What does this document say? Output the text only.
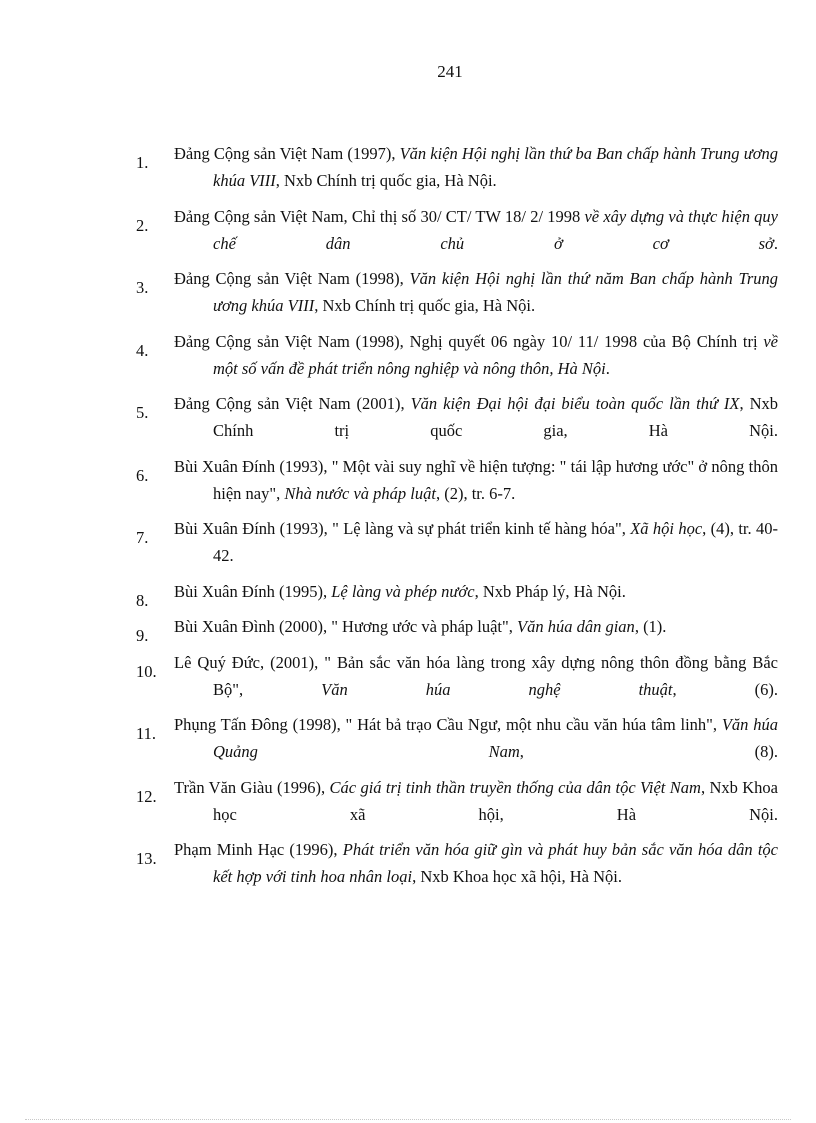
241
1. Đảng Cộng sản Việt Nam (1997), Văn kiện Hội nghị lần thứ ba Ban chấp hành Trung ương khúa VIII, Nxb Chính trị quốc gia, Hà Nội.
2. Đảng Cộng sản Việt Nam, Chỉ thị số 30/ CT/ TW 18/ 2/ 1998 về xây dựng và thực hiện quy chế dân chủ ở cơ sở.
3. Đảng Cộng sản Việt Nam (1998), Văn kiện Hội nghị lần thứ năm Ban chấp hành Trung ương khúa VIII, Nxb Chính trị quốc gia, Hà Nội.
4. Đảng Cộng sản Việt Nam (1998), Nghị quyết 06 ngày 10/ 11/ 1998 của Bộ Chính trị về một số vấn đề phát triển nông nghiệp và nông thôn, Hà Nội.
5. Đảng Cộng sản Việt Nam (2001), Văn kiện Đại hội đại biểu toàn quốc lần thứ IX, Nxb Chính trị quốc gia, Hà Nội.
6. Bùi Xuân Đính (1993), " Một vài suy nghĩ về hiện tượng: " tái lập hương ước" ở nông thôn hiện nay", Nhà nước và pháp luật, (2), tr. 6-7.
7. Bùi Xuân Đính (1993), " Lệ làng và sự phát triển kinh tế hàng hóa", Xã hội học, (4), tr. 40-42.
8. Bùi Xuân Đính (1995), Lệ làng và phép nước, Nxb Pháp lý, Hà Nội.
9. Bùi Xuân Đình (2000), " Hương ước và pháp luật", Văn húa dân gian, (1).
10. Lê Quý Đức, (2001), " Bản sắc văn hóa làng trong xây dựng nông thôn đồng bằng Bắc Bộ", Văn húa nghệ thuật, (6).
11. Phụng Tấn Đông (1998), " Hát bả trạo Cầu Ngư, một nhu cầu văn húa tâm linh", Văn húa Quảng Nam, (8).
12. Trần Văn Giàu (1996), Các giá trị tinh thần truyền thống của dân tộc Việt Nam, Nxb Khoa học xã hội, Hà Nội.
13. Phạm Minh Hạc (1996), Phát triển văn hóa giữ gìn và phát huy bản sắc văn hóa dân tộc kết hợp với tinh hoa nhân loại, Nxb Khoa học xã hội, Hà Nội.
